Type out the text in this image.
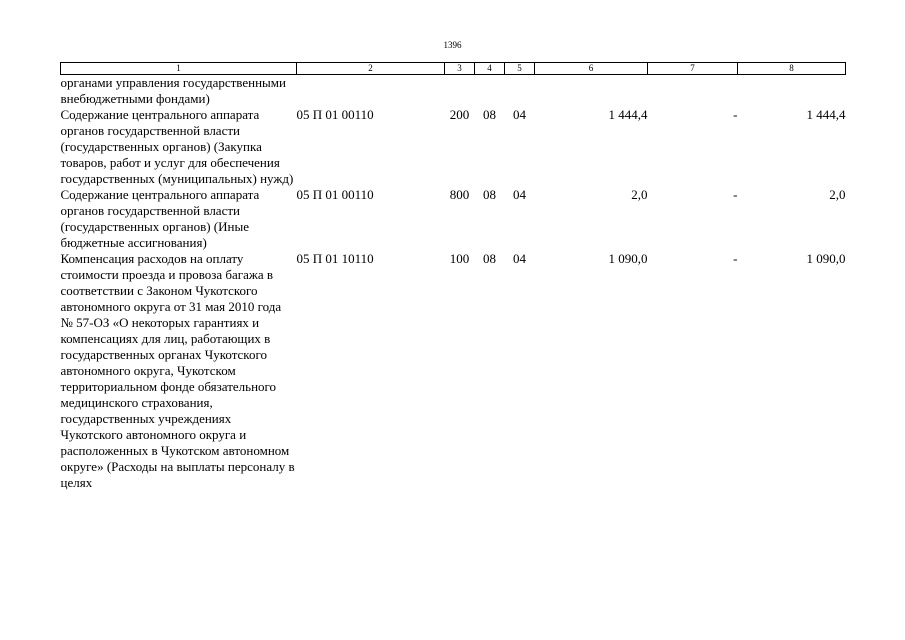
1396
1	2	3	4	5	6	7	8
органами управления государственными внебюджетными фондами)							
Содержание центрального аппарата органов государственной власти (государственных органов) (Закупка товаров, работ и услуг для обеспечения государственных (муниципальных) нужд)	05 П 01 00110	200	08	04	1 444,4	-	1 444,4
Содержание центрального аппарата органов государственной власти (государственных органов) (Иные бюджетные ассигнования)	05 П 01 00110	800	08	04	2,0	-	2,0
Компенсация расходов на оплату стоимости проезда и провоза багажа в соответствии с Законом Чукотского автономного округа от 31 мая 2010 года № 57-ОЗ «О некоторых гарантиях и компенсациях для лиц, работающих в государственных органах Чукотского автономного округа, Чукотском территориальном фонде обязательного медицинского страхования, государственных учреждениях Чукотского автономного округа и расположенных в Чукотском автономном округе» (Расходы на выплаты персоналу в целях	05 П 01 10110	100	08	04	1 090,0	-	1 090,0
